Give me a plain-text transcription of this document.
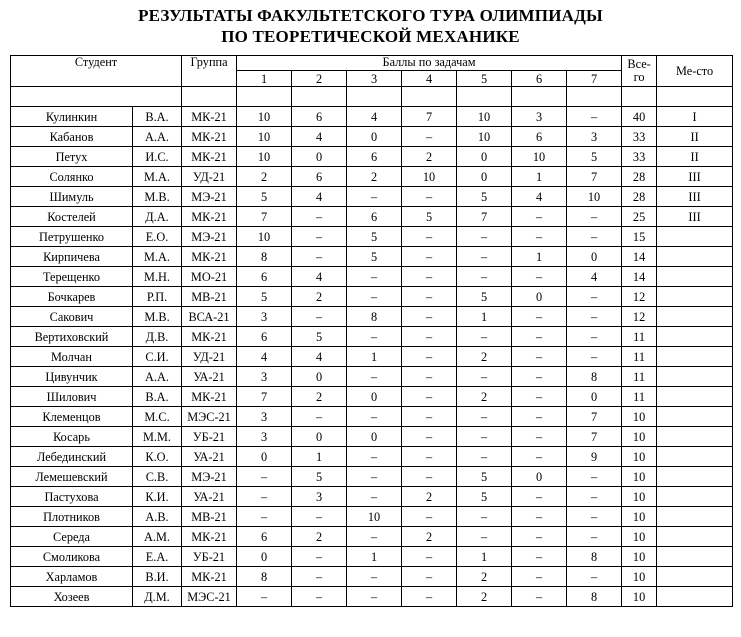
РЕЗУЛЬТАТЫ ФАКУЛЬТЕТСКОГО ТУРА ОЛИМПИАДЫ
ПО ТЕОРЕТИЧЕСКОЙ МЕХАНИКЕ
Студент		Группа	Баллы по задачам							Все-
го	Ме-сто
			1	2	3	4	5	6	7		

Кулинкин	В.А.	МК-21	10	6	4	7	10	3	–	40	I
Кабанов	А.А.	МК-21	10	4	0	–	10	6	3	33	II
Петух	И.С.	МК-21	10	0	6	2	0	10	5	33	II
Солянко	М.А.	УД-21	2	6	2	10	0	1	7	28	III
Шимуль	М.В.	МЭ-21	5	4	–	–	5	4	10	28	III
Костелей	Д.А.	МК-21	7	–	6	5	7	–	–	25	III
Петрушенко	Е.О.	МЭ-21	10	–	5	–	–	–	–	15	
Кирпичева	М.А.	МК-21	8	–	5	–	–	1	0	14	
Терещенко	М.Н.	МО-21	6	4	–	–	–	–	4	14	
Бочкарев	Р.П.	МВ-21	5	2	–	–	5	0	–	12	
Сакович	М.В.	ВСА-21	3	–	8	–	1	–	–	12	
Вертиховский	Д.В.	МК-21	6	5	–	–	–	–	–	11	
Молчан	С.И.	УД-21	4	4	1	–	2	–	–	11	
Цивунчик	А.А.	УА-21	3	0	–	–	–	–	8	11	
Шилович	В.А.	МК-21	7	2	0	–	2	–	0	11	
Клеменцов	М.С.	МЭС-21	3	–	–	–	–	–	7	10	
Косарь	М.М.	УБ-21	3	0	0	–	–	–	7	10	
Лебединский	К.О.	УА-21	0	1	–	–	–	–	9	10	
Лемешевский	С.В.	МЭ-21	–	5	–	–	5	0	–	10	
Пастухова	К.И.	УА-21	–	3	–	2	5	–	–	10	
Плотников	А.В.	МВ-21	–	–	10	–	–	–	–	10	
Середа	А.М.	МК-21	6	2	–	2	–	–	–	10	
Смоликова	Е.А.	УБ-21	0	–	1	–	1	–	8	10	
Харламов	В.И.	МК-21	8	–	–	–	2	–	–	10	
Хозеев	Д.М.	МЭС-21	–	–	–	–	2	–	8	10	
